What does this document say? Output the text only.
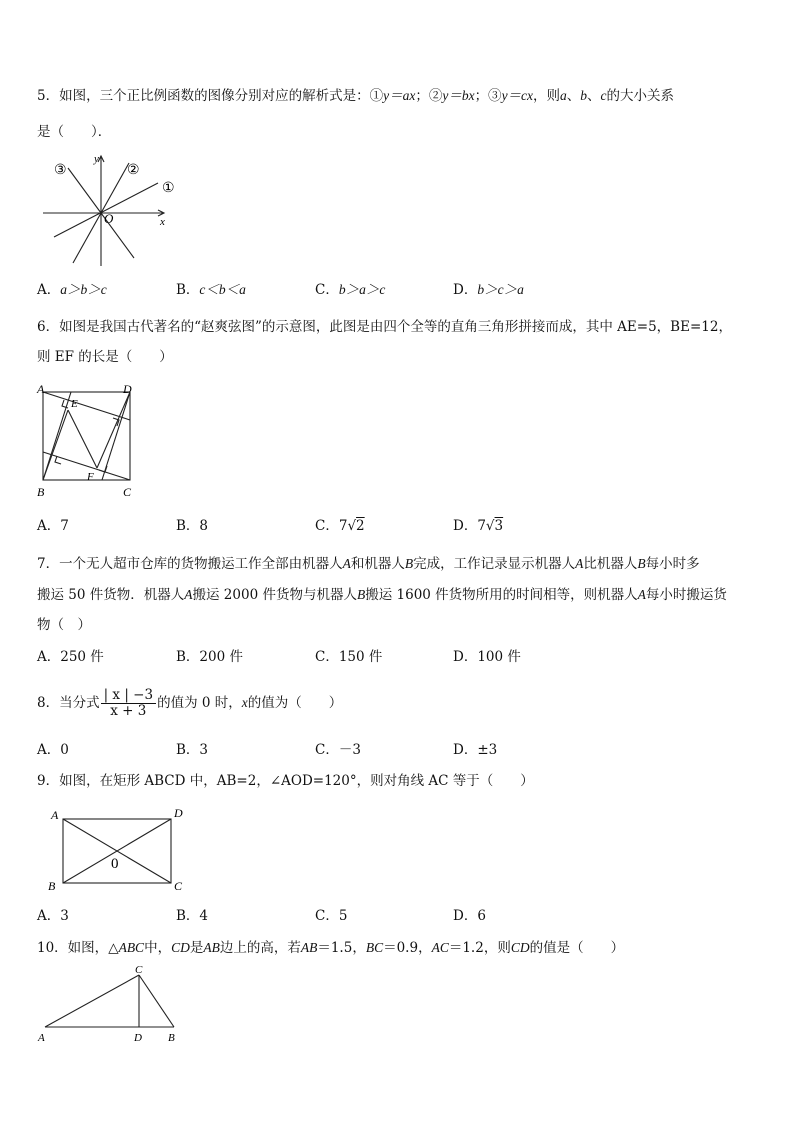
5．如图，三个正比例函数的图像分别对应的解析式是：①y＝ax；②y＝bx；③y＝cx，则a、b、c的大小关系
是（　　）．
y
x
O
①
②
③
A．a＞b＞c	B．c＜b＜a	C．b＞a＞c	D．b＞c＞a
6．如图是我国古代著名的“赵爽弦图”的示意图，此图是由四个全等的直角三角形拼接而成，其中 AE=5，BE=12，
则 EF 的长是（　　）
A	D
B	C
E
F
A．7	B．8	C．7√2	D．7√3
7．一个无人超市仓库的货物搬运工作全部由机器人A和机器人B完成，工作记录显示机器人A比机器人B每小时多
搬运 50 件货物．机器人A搬运 2000 件货物与机器人B搬运 1600 件货物所用的时间相等，则机器人A每小时搬运货
物（　）
A．250 件	B．200 件	C．150 件	D．100 件
8．当分式 $\frac{| x | -3}{x + 3}$ 的值为 0 时，x的值为（　　）
A．0	B．3	C．－3	D．±3
9．如图，在矩形 ABCD 中，AB=2，∠AOD=120°，则对角线 AC 等于（　　）
A	D
B	C
0
A．3	B．4	C．5	D．6
10．如图，△ABC中，CD是AB边上的高，若AB＝1.5，BC＝0.9，AC＝1.2，则CD的值是（　　）
C
A	D B
